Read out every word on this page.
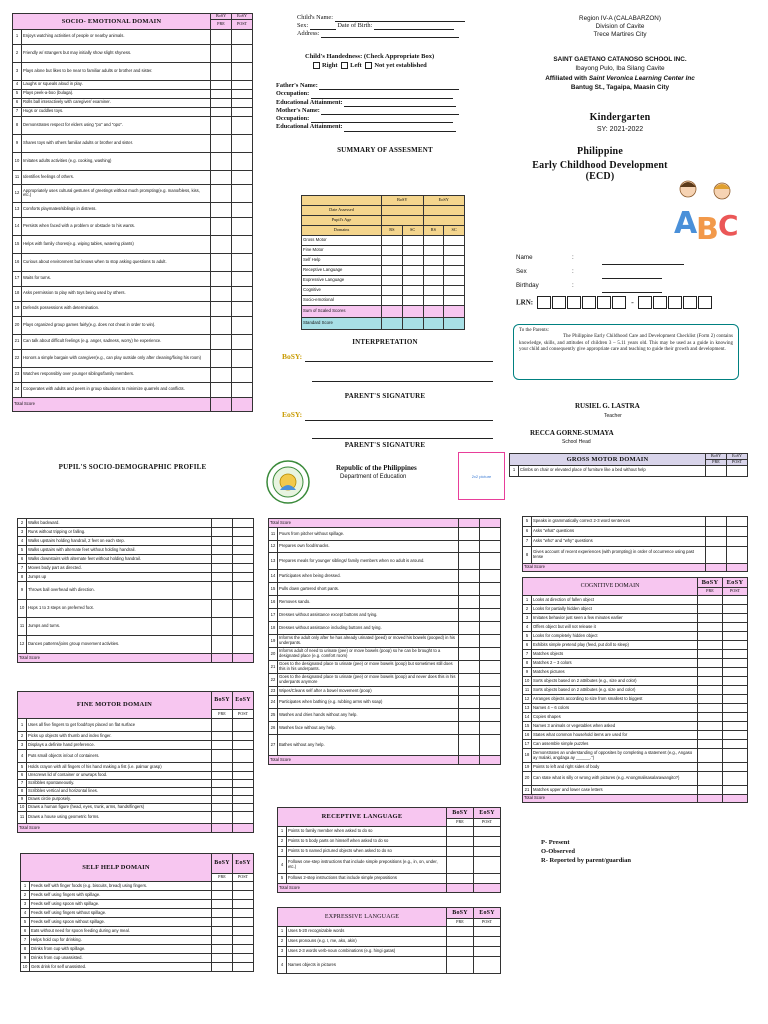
SOCIO- EMOTIONAL DOMAIN		BoSY	EoSY
		PRE	POST
1	Enjoys watching activities of people or nearby animals.		
2	Friendly w/ strangers but may initially show slight shyness.		
3	Plays alone but likes to be near to familiar adults or brother and sister.		
4	Laughs or squeals aloud in play.		
5	Plays peek-a-boo (bulaga).		
6	Rolls ball interactively with caregiver/ examiner.		
7	Hugs or cuddles toys.		
8	Demonstrates respect for elders using "po" and "opo".		
9	Shares toys with others familiar adults or brother and sister.		
10	Imitates adults activities (e.g. cooking, washing)		
11	Identifies feelings of others.		
12	Appropriately uses cultural gestures of greetings without much prompting(e.g. mano/bless, kiss, etc.)		
13	Comforts playmates/siblings in distress.		
14	Persists when faced with a problem or obstacle to his wants.		
15	Helps with family chores(e.g. wiping tables, watering plants)		
16	Curious about environment but knows when to stop asking questions to adult.		
17	Waits for turns.		
18	Asks permission to play with toys being used by others.		
19	Defends possessions with determination.		
20	Plays organized group games fairly(e.g. does not cheat in order to win).		
21	Can talk about difficult feelings (e.g. anger, sadness, worry) he experience.		
22	Honors a simple bargain with caregiver(e.g., can play outside only after cleaning/fixing his room)		
23	Watches responsibly over younger siblings/family members.		
24	Cooperates with adults and peers in group situations to minimize quarrels and conflicts.		
Total Score			
PUPIL'S SOCIO-DEMOGRAPHIC PROFILE
Child's Name:
Sex:	Date of Birth:
Address:
Child's Handedness: (Check Appropriate Box)
Right Left Not yet established
Father's Name:
Occupation:
Educational Attainment:
Mother's Name:
Occupation:
Educational Attainment:
SUMMARY OF ASSESMENT
	BoSY		EoSY	
Date Assessed				
Pupil's Age				
Domains	RS	SC	RS	SC
Gross Motor				
Fine Motor				
Self Help				
Receptive Language				
Expressive Language				
Cognitive				
Socio-emotional				
Sum of Scaled Scores				
Standard Score				
INTERPRETATION
BoSY:
PARENT'S SIGNATURE
EoSY:
PARENT'S SIGNATURE
Republic of the Philippines
Department of Education	2x2 picture
Region IV-A (CALABARZON)
Division of Cavite
Trece Martires City
SAINT GAETANO CATANOSO SCHOOL INC.
Ibayong Pulo, Iba Silang Cavite
Affiliated with Saint Veronica Learning Center Inc
Bantug St., Tagaipa, Maasin City
Kindergarten
SY: 2021-2022
Philippine
Early Childhood Development (ECD)
A
B C
Name	:
Sex	:
Birthday	:
LRN:	-
To the Parents:
The Philippine Early Childhood Care and Development Checklist (Form 2) contains knowledge, skills, and attitudes of children 3 – 5.11 years old. This may be used as a guide in knowing your child and consequently give appropriate care and teaching to guide their growth and development.
RUSIEL G. LASTRA
Teacher
RECCA GORNE-SUMAYA
School Head
GROSS MOTOR DOMAIN		BoSY	EoSY
		PRE	POST
1	Climbs on chair or elevated place of furniture like a bed without help		
2	Walks backward.		
3	Runs without tripping or falling.		
4	Walks upstairs holding handrail, 2 feet on each step.		
5	Walks upstairs with alternate feet without holding handrail.		
6	Walks downstairs with alternate feet without holding handrail.		
7	Moves body part as directed.		
8	Jumps up		
9	Throws ball overhead with direction.		
10	Hops 1 to 3 steps on preferred foot.		
11	Jumps and turns.		
12	Dances patterns/joins group movement activities.		
Total Score			
FINE MOTOR DOMAIN		BoSY	EoSY
		PRE	POST
1	Uses all five fingers to get food/toys placed on flat surface		
2	Picks up objects with thumb and index finger.		
3	Displays a definite hand preference.		
4	Puts small objects in/out of containers.		
5	Holds crayon with all fingers of his hand making a fist (i.e. palmar grasp)		
6	Unscrews lid of container or unwraps food.		
7	Scribbles spontaneously.		
8	Scribbles vertical and horizontal lines.		
9	Draws circle purposely.		
10	Draws a human figure (head, eyes, trunk, arms, hands/fingers)		
11	Draws a house using geometric forms.		
Total Score			
SELF HELP DOMAIN		BoSY	EoSY
		PRE	POST
1	Feeds self with finger foods (e.g. biscuits, bread) using fingers.		
2	Feeds self using fingers with spillage.		
3	Feeds self using spoon with spillage.		
4	Feeds self using fingers without spillage.		
5	Feeds self using spoon without spillage.		
6	Eats without need for spoon feeding during any meal.		
7	Helps hold cup for drinking.		
8	Drinks from cup with spillage.		
9	Drinks from cup unassisted.		
10	Gets drink for self unassisted.		
Total Score			
11	Pours from pitcher without spillage.		
12	Prepares own food/snacks.		
13	Prepares meals for younger siblings/ family members when no adult is around.		
14	Participates when being dressed.		
15	Pulls down gartered short pants.		
16	Removes sando.		
17	Dresses without assistance except buttons and tying.		
18	Dresses without assistance including buttons and tying.		
19	Informs the adult only after he has already urinated (peed) or moved his bowels (pooped) in his underpants.		
20	Informs adult of need to urinate (pee) or move bowels (poop) so he can be brought to a designated place (e.g. comfort room)		
21	Goes to the designated place to urinate (pee) or move bowels (poop) but sometimes still does this in his underpants.		
22	Goes to the designated place to urinate (pee) or move bowels (poop) and never does this in his underpants anymore		
23	Wipes/Cleans self after a bowel movement (poop)		
24	Participates when bathing (e.g. rubbing arms with soap)		
25	Washes and dries hands without any help.		
26	Washes face without any help.		
27	Bathes without any help.		
Total Score			
RECEPTIVE LANGUAGE		BoSY	EoSY
		PRE	POST
1	Points to family member when asked to do so		
2	Points to 5 body parts on himself when asked to do so		
3	Points to 5 named pictured objects when asked to do so		
4	Follows one-step instructions that include simple prepositions (e.g., in, on, under, etc.)		
5	Follows 2-step instructions that include simple prepositions		
Total Score			
EXPRESSIVE LANGUAGE		BoSY	EoSY
		PRE	POST
1	Uses 5-20 recognizable words		
2	Uses pronouns (e.g. I, me, ako, akin)		
3	Uses 2-3 words verb-noun combinations (e.g. hingi gatas)		
4	Names objects in pictures		
5	Speaks in grammatically correct 2-3 word sentences		
6	Asks "what" questions		
7	Asks "who" and "why" questions		
8	Gives account of recent experiences (with prompting) in order of occurrence using past tense		
Total Score			
COGNITIVE DOMAIN		BoSY	EoSY
		PRE	POST
1	Looks at direction of fallen object		
2	Looks for partially hidden object		
3	Imitates behavior just seen a few minutes earlier		
4	Offers object but will not release it		
5	Looks for completely hidden object		
6	Exhibits simple pretend play (feed, put doll to sleep)		
7	Matches objects		
8	Matches 2 – 3 colors		
9	Matches pictures		
10	Sorts objects based on 2 attributes (e.g., size and color)		
11	Sorts objects based on 2 attributes (e.g. size and color)		
12	Arranges objects according to size from smallest to biggest		
13	Names 4 – 6 colors		
14	Copies shapes		
15	Names 3 animals or vegetables when asked		
16	States what common household items are used for		
17	Can assemble simple puzzles		
18	Demonstrates an understanding of opposites by completing a statement (e.g., Angaso ay malaki, angdaga ay ______.")		
19	Points to left and right sides of body		
20	Can state what is silly or wrong with pictures (e.g. Anongmalisasalarawangito?)		
21	Matches upper and lower case letters		
Total Score			
P- Present
O-Observed
R- Reported by parent/guardian
